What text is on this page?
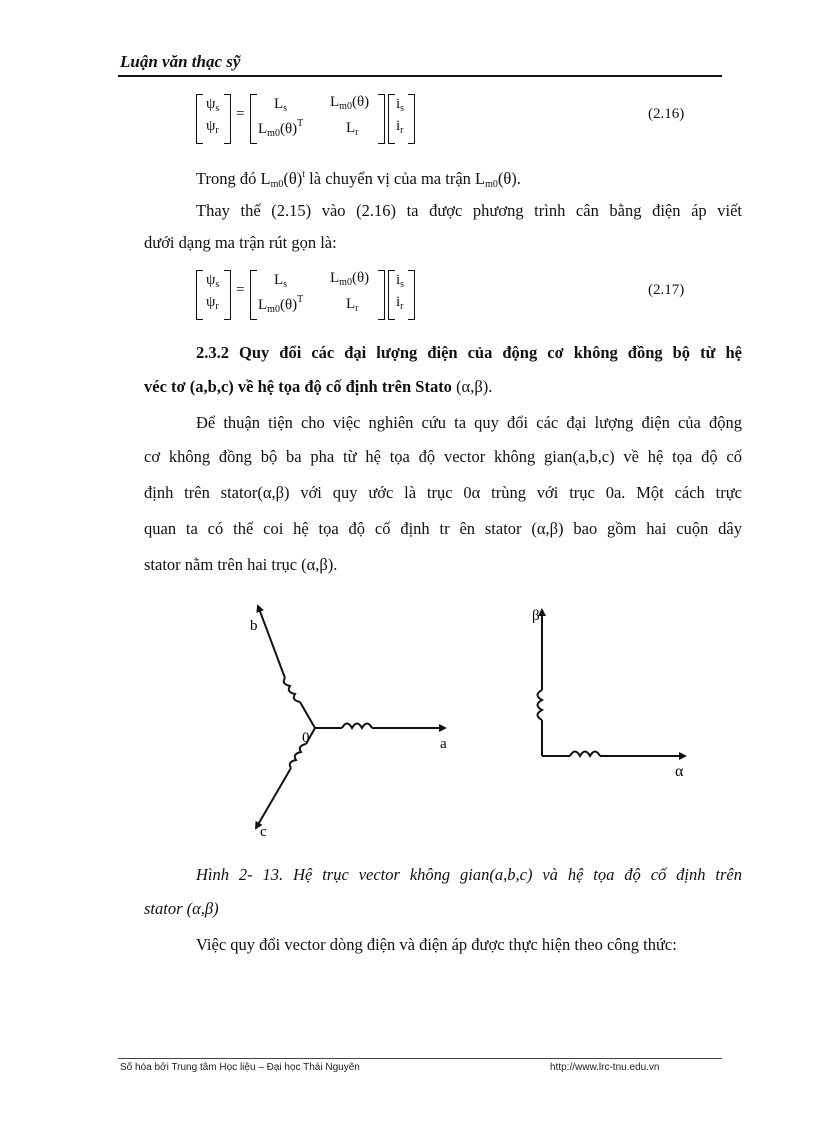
Luận văn thạc sỹ
$\psi_s$
$\psi_r$
=
$L_s$	$L_{m0}(\theta)$
$L_{m0}(\theta)^T$	$L_r$
$i_s$
$i_r$
(2.16)
Trong đó $L_{m0}(\theta)^t$ là chuyển vị của ma trận $L_{m0}(\theta)$.
Thay thế (2.15) vào (2.16) ta được phương trình cân bằng điện áp viết
dưới dạng ma trận rút gọn là:
$\psi_s$
$\psi_r$
=
$L_s$	$L_{m0}(\theta)$
$L_{m0}(\theta)^T$	$L_r$
$i_s$
$i_r$
(2.17)
2.3.2 Quy đổi các đại lượng điện của động cơ không đồng bộ từ hệ
véc tơ (a,b,c) về hệ tọa độ cố định trên Stato (α,β).
Để thuận tiện cho việc nghiên cứu ta quy đổi các đại lượng điện của động
cơ không đồng bộ ba pha từ hệ tọa độ vector không gian(a,b,c) về hệ tọa độ cố
định trên stator(α,β) với quy ước là trục 0α trùng với trục 0a. Một cách trực
quan ta có thể coi hệ tọa độ cố định tr ên stator (α,β) bao gồm hai cuộn dây
stator nằm trên hai trục (α,β).
a
b
c
0
β
α
Hình 2- 13. Hệ trục vector không gian(a,b,c) và hệ tọa độ cố định trên
stator (α,β)
Việc quy đổi vector dòng điện và điện áp được thực hiện theo công thức:
Số hóa bởi Trung tâm Học liệu – Đại học Thái Nguyên	http://www.lrc-tnu.edu.vn
